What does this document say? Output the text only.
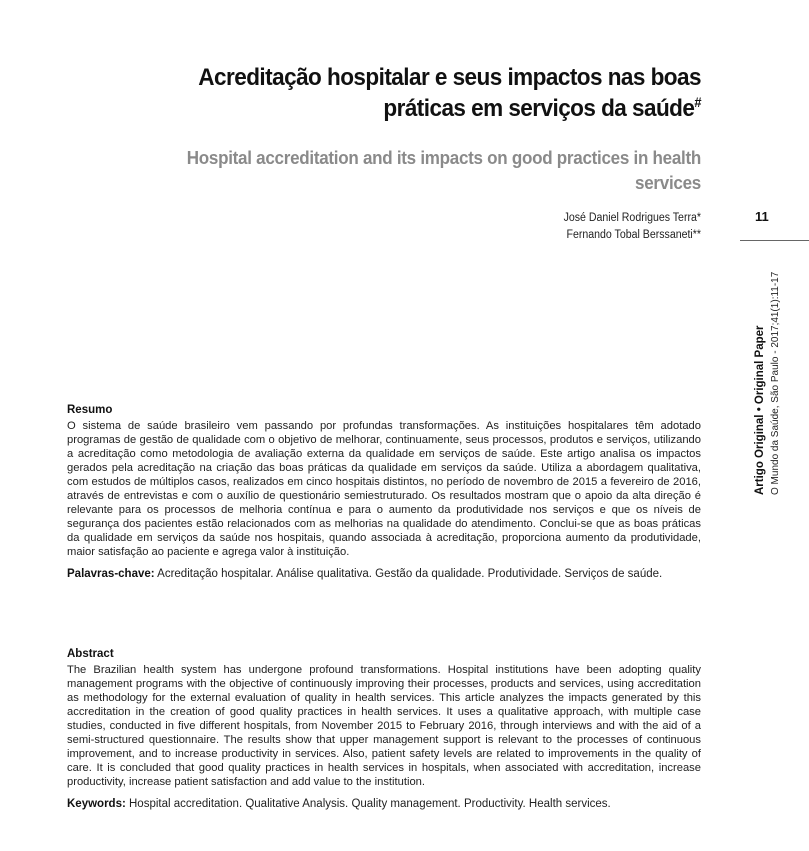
Acreditação hospitalar e seus impactos nas boas práticas em serviços da saúde#
Hospital accreditation and its impacts on good practices in health services
José Daniel Rodrigues Terra*
Fernando Tobal Berssaneti**
11
Artigo Original • Original Paper O Mundo da Saúde, São Paulo - 2017;41(1):11-17

Resumo

O sistema de saúde brasileiro vem passando por profundas transformações. As instituições hospitalares têm adotado programas de gestão de qualidade com o objetivo de melhorar, continuamente, seus processos, produtos e serviços, utilizando a acreditação como metodologia de avaliação externa da qualidade em serviços de saúde. Este artigo analisa os impactos gerados pela acreditação na criação das boas práticas da qualidade em serviços da saúde. Utiliza a abordagem qualitativa, com estudos de múltiplos casos, realizados em cinco hospitais distintos, no período de novembro de 2015 a fevereiro de 2016, através de entrevistas e com o auxílio de questionário semiestruturado. Os resultados mostram que o apoio da alta direção é relevante para os processos de melhoria contínua e para o aumento da produtividade nos serviços e que os níveis de segurança dos pacientes estão relacionados com as melhorias na qualidade do atendimento. Conclui-se que as boas práticas da qualidade em serviços da saúde nos hospitais, quando associada à acreditação, proporciona aumento da produtividade, maior satisfação ao paciente e agrega valor à instituição.

Palavras-chave: Acreditação hospitalar. Análise qualitativa. Gestão da qualidade. Produtividade. Serviços de saúde.

Abstract

The Brazilian health system has undergone profound transformations. Hospital institutions have been adopting quality management programs with the objective of continuously improving their processes, products and services, using accreditation as methodology for the external evaluation of quality in health services. This article analyzes the impacts generated by this accreditation in the creation of good quality practices in health services. It uses a qualitative approach, with multiple case studies, conducted in five different hospitals, from November 2015 to February 2016, through interviews and with the aid of a semi-structured questionnaire. The results show that upper management support is relevant to the processes of continuous improvement, and to increase productivity in services. Also, patient safety levels are related to improvements in the quality of care. It is concluded that good quality practices in health services in hospitals, when associated with accreditation, increase productivity, increase patient satisfaction and add value to the institution.

Keywords: Hospital accreditation. Qualitative Analysis. Quality management. Productivity. Health services.
